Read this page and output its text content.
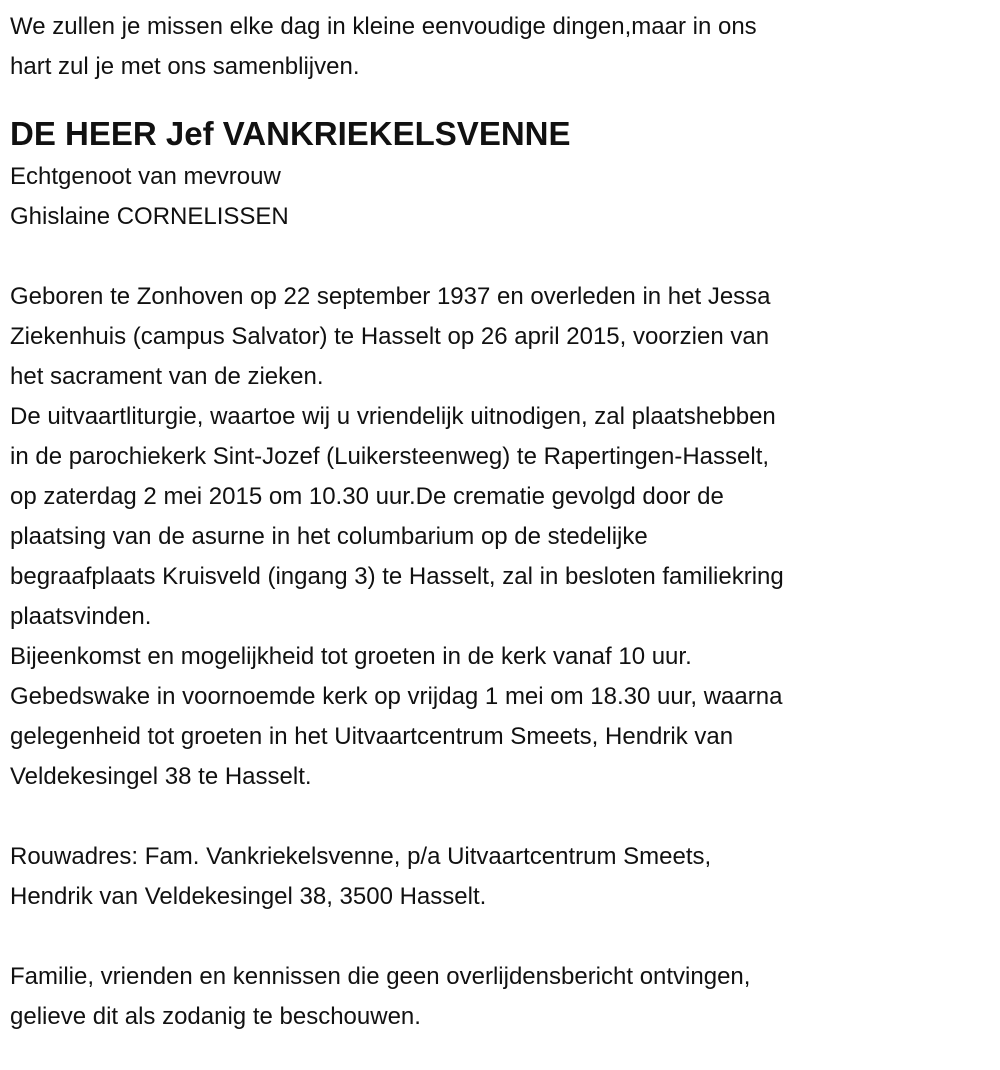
We zullen je missen elke dag in kleine eenvoudige dingen,maar in ons
hart zul je met ons samenblijven.
DE HEER Jef VANKRIEKELSVENNE
Echtgenoot van mevrouw
Ghislaine CORNELISSEN
Geboren te Zonhoven op 22 september 1937 en overleden in het Jessa
Ziekenhuis (campus Salvator) te Hasselt op 26 april 2015, voorzien van
het sacrament van de zieken.
De uitvaartliturgie, waartoe wij u vriendelijk uitnodigen, zal plaatshebben
in de parochiekerk Sint-Jozef (Luikersteenweg) te Rapertingen-Hasselt,
op zaterdag 2 mei 2015 om 10.30 uur.De crematie gevolgd door de
plaatsing van de asurne in het columbarium op de stedelijke
begraafplaats Kruisveld (ingang 3) te Hasselt, zal in besloten familiekring
plaatsvinden.
Bijeenkomst en mogelijkheid tot groeten in de kerk vanaf 10 uur.
Gebedswake in voornoemde kerk op vrijdag 1 mei om 18.30 uur, waarna
gelegenheid tot groeten in het Uitvaartcentrum Smeets, Hendrik van
Veldekesingel 38 te Hasselt.
Rouwadres: Fam. Vankriekelsvenne, p/a Uitvaartcentrum Smeets,
Hendrik van Veldekesingel 38, 3500 Hasselt.
Familie, vrienden en kennissen die geen overlijdensbericht ontvingen,
gelieve dit als zodanig te beschouwen.
